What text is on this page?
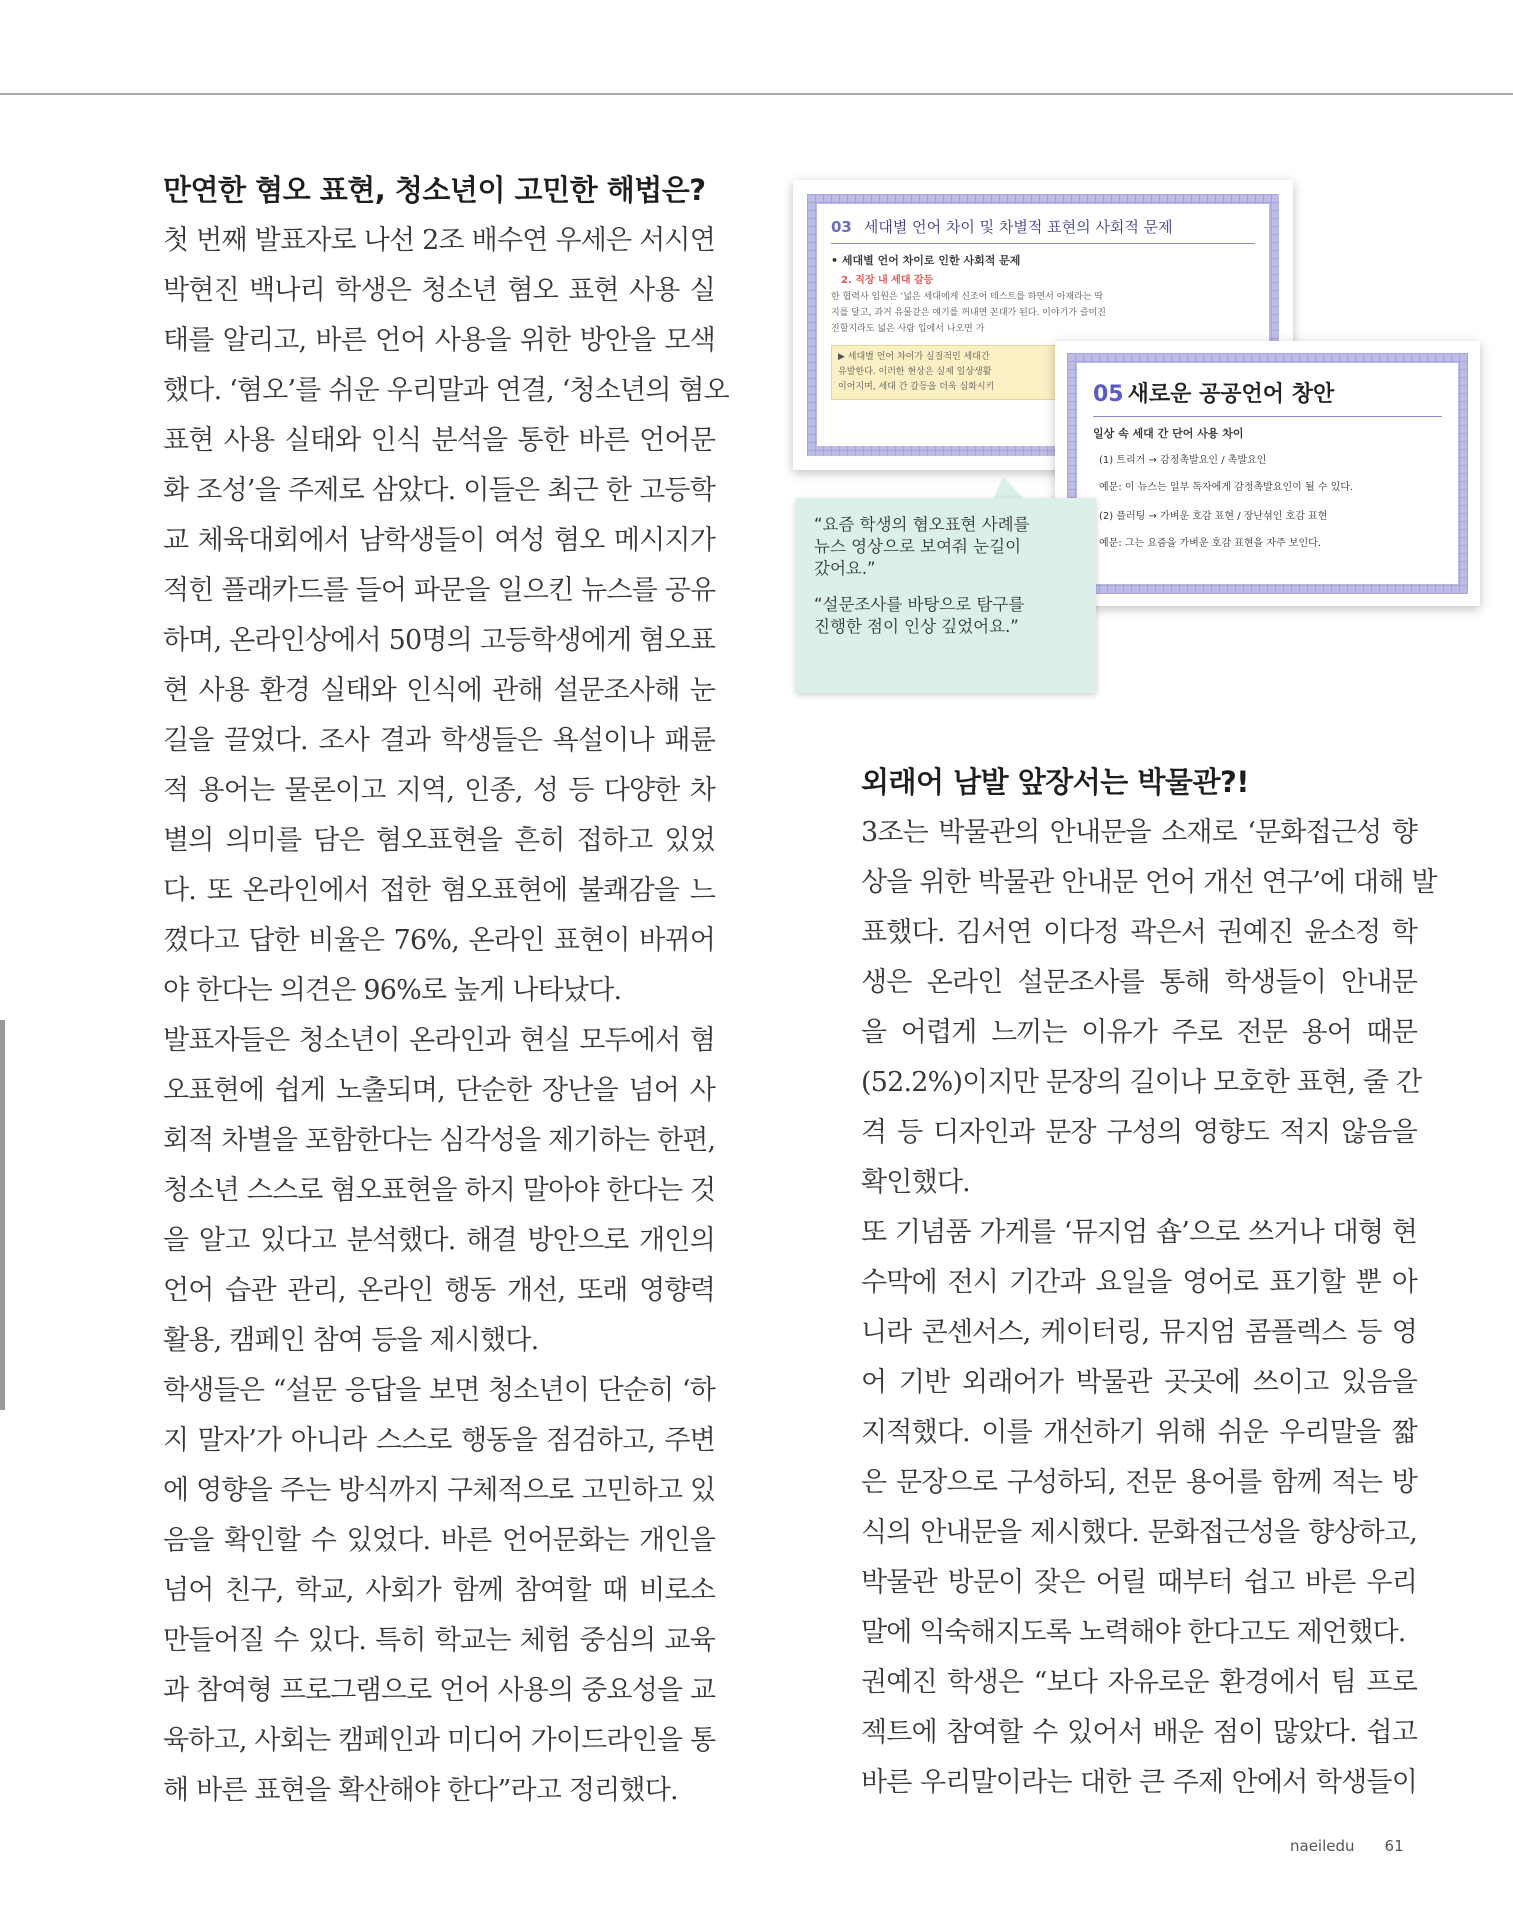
만연한 혐오 표현, 청소년이 고민한 해법은?
첫 번째 발표자로 나선 2조 배수연 우세은 서시연
박현진 백나리 학생은 청소년 혐오 표현 사용 실
태를 알리고, 바른 언어 사용을 위한 방안을 모색
했다. ‘혐오’를 쉬운 우리말과 연결, ‘청소년의 혐오
표현 사용 실태와 인식 분석을 통한 바른 언어문
화 조성’을 주제로 삼았다. 이들은 최근 한 고등학
교 체육대회에서 남학생들이 여성 혐오 메시지가
적힌 플래카드를 들어 파문을 일으킨 뉴스를 공유
하며, 온라인상에서 50명의 고등학생에게 혐오표
현 사용 환경 실태와 인식에 관해 설문조사해 눈
길을 끌었다. 조사 결과 학생들은 욕설이나 패륜
적 용어는 물론이고 지역, 인종, 성 등 다양한 차
별의 의미를 담은 혐오표현을 흔히 접하고 있었
다. 또 온라인에서 접한 혐오표현에 불쾌감을 느
꼈다고 답한 비율은 76%, 온라인 표현이 바뀌어
야 한다는 의견은 96%로 높게 나타났다.
발표자들은 청소년이 온라인과 현실 모두에서 혐
오표현에 쉽게 노출되며, 단순한 장난을 넘어 사
회적 차별을 포함한다는 심각성을 제기하는 한편,
청소년 스스로 혐오표현을 하지 말아야 한다는 것
을 알고 있다고 분석했다. 해결 방안으로 개인의
언어 습관 관리, 온라인 행동 개선, 또래 영향력
활용, 캠페인 참여 등을 제시했다.
학생들은 “설문 응답을 보면 청소년이 단순히 ‘하
지 말자’가 아니라 스스로 행동을 점검하고, 주변
에 영향을 주는 방식까지 구체적으로 고민하고 있
음을 확인할 수 있었다. 바른 언어문화는 개인을
넘어 친구, 학교, 사회가 함께 참여할 때 비로소
만들어질 수 있다. 특히 학교는 체험 중심의 교육
과 참여형 프로그램으로 언어 사용의 중요성을 교
육하고, 사회는 캠페인과 미디어 가이드라인을 통
해 바른 표현을 확산해야 한다”라고 정리했다.
03 세대별 언어 차이 및 차별적 표현의 사회적 문제
• 세대별 언어 차이로 인한 사회적 문제
2. 직장 내 세대 갈등
한 협력사 임원은 ‘넓은 세대에게 신조어 테스트를 하면서 아재라는 딱
지를 달고, 과거 유물같은 얘기를 꺼내면 꼰대가 된다. 이야기가 즐미진
진할지라도 넓은 사람 입에서 나오면 가
▶ 세대별 언어 차이가 실질적인 세대간
유발한다. 이러한 현상은 실제 일상생활
이어지며, 세대 간 갈등을 더욱 심화시키	05 새로운 공공언어 창안
일상 속 세대 간 단어 사용 차이
(1) 트리거 → 감정촉발요인 / 촉발요인
예문: 이 뉴스는 일부 독자에게 감정촉발요인이 될 수 있다.
(2) 플러팅 → 가벼운 호감 표현 / 장난섞인 호감 표현
예문: 그는 요즘을 가벼운 호감 표현을 자주 보인다.
“요즘 학생의 혐오표현 사례를
뉴스 영상으로 보여줘 눈길이
갔어요.”
“설문조사를 바탕으로 탐구를
진행한 점이 인상 깊었어요.”
외래어 남발 앞장서는 박물관?!
3조는 박물관의 안내문을 소재로 ‘문화접근성 향
상을 위한 박물관 안내문 언어 개선 연구’에 대해 발
표했다. 김서연 이다정 곽은서 권예진 윤소정 학
생은 온라인 설문조사를 통해 학생들이 안내문
을 어렵게 느끼는 이유가 주로 전문 용어 때문
(52.2%)이지만 문장의 길이나 모호한 표현, 줄 간
격 등 디자인과 문장 구성의 영향도 적지 않음을
확인했다.
또 기념품 가게를 ‘뮤지엄 숍’으로 쓰거나 대형 현
수막에 전시 기간과 요일을 영어로 표기할 뿐 아
니라 콘센서스, 케이터링, 뮤지엄 콤플렉스 등 영
어 기반 외래어가 박물관 곳곳에 쓰이고 있음을
지적했다. 이를 개선하기 위해 쉬운 우리말을 짧
은 문장으로 구성하되, 전문 용어를 함께 적는 방
식의 안내문을 제시했다. 문화접근성을 향상하고,
박물관 방문이 잦은 어릴 때부터 쉽고 바른 우리
말에 익숙해지도록 노력해야 한다고도 제언했다.
권예진 학생은 “보다 자유로운 환경에서 팀 프로
젝트에 참여할 수 있어서 배운 점이 많았다. 쉽고
바른 우리말이라는 대한 큰 주제 안에서 학생들이
naeiledu 61
